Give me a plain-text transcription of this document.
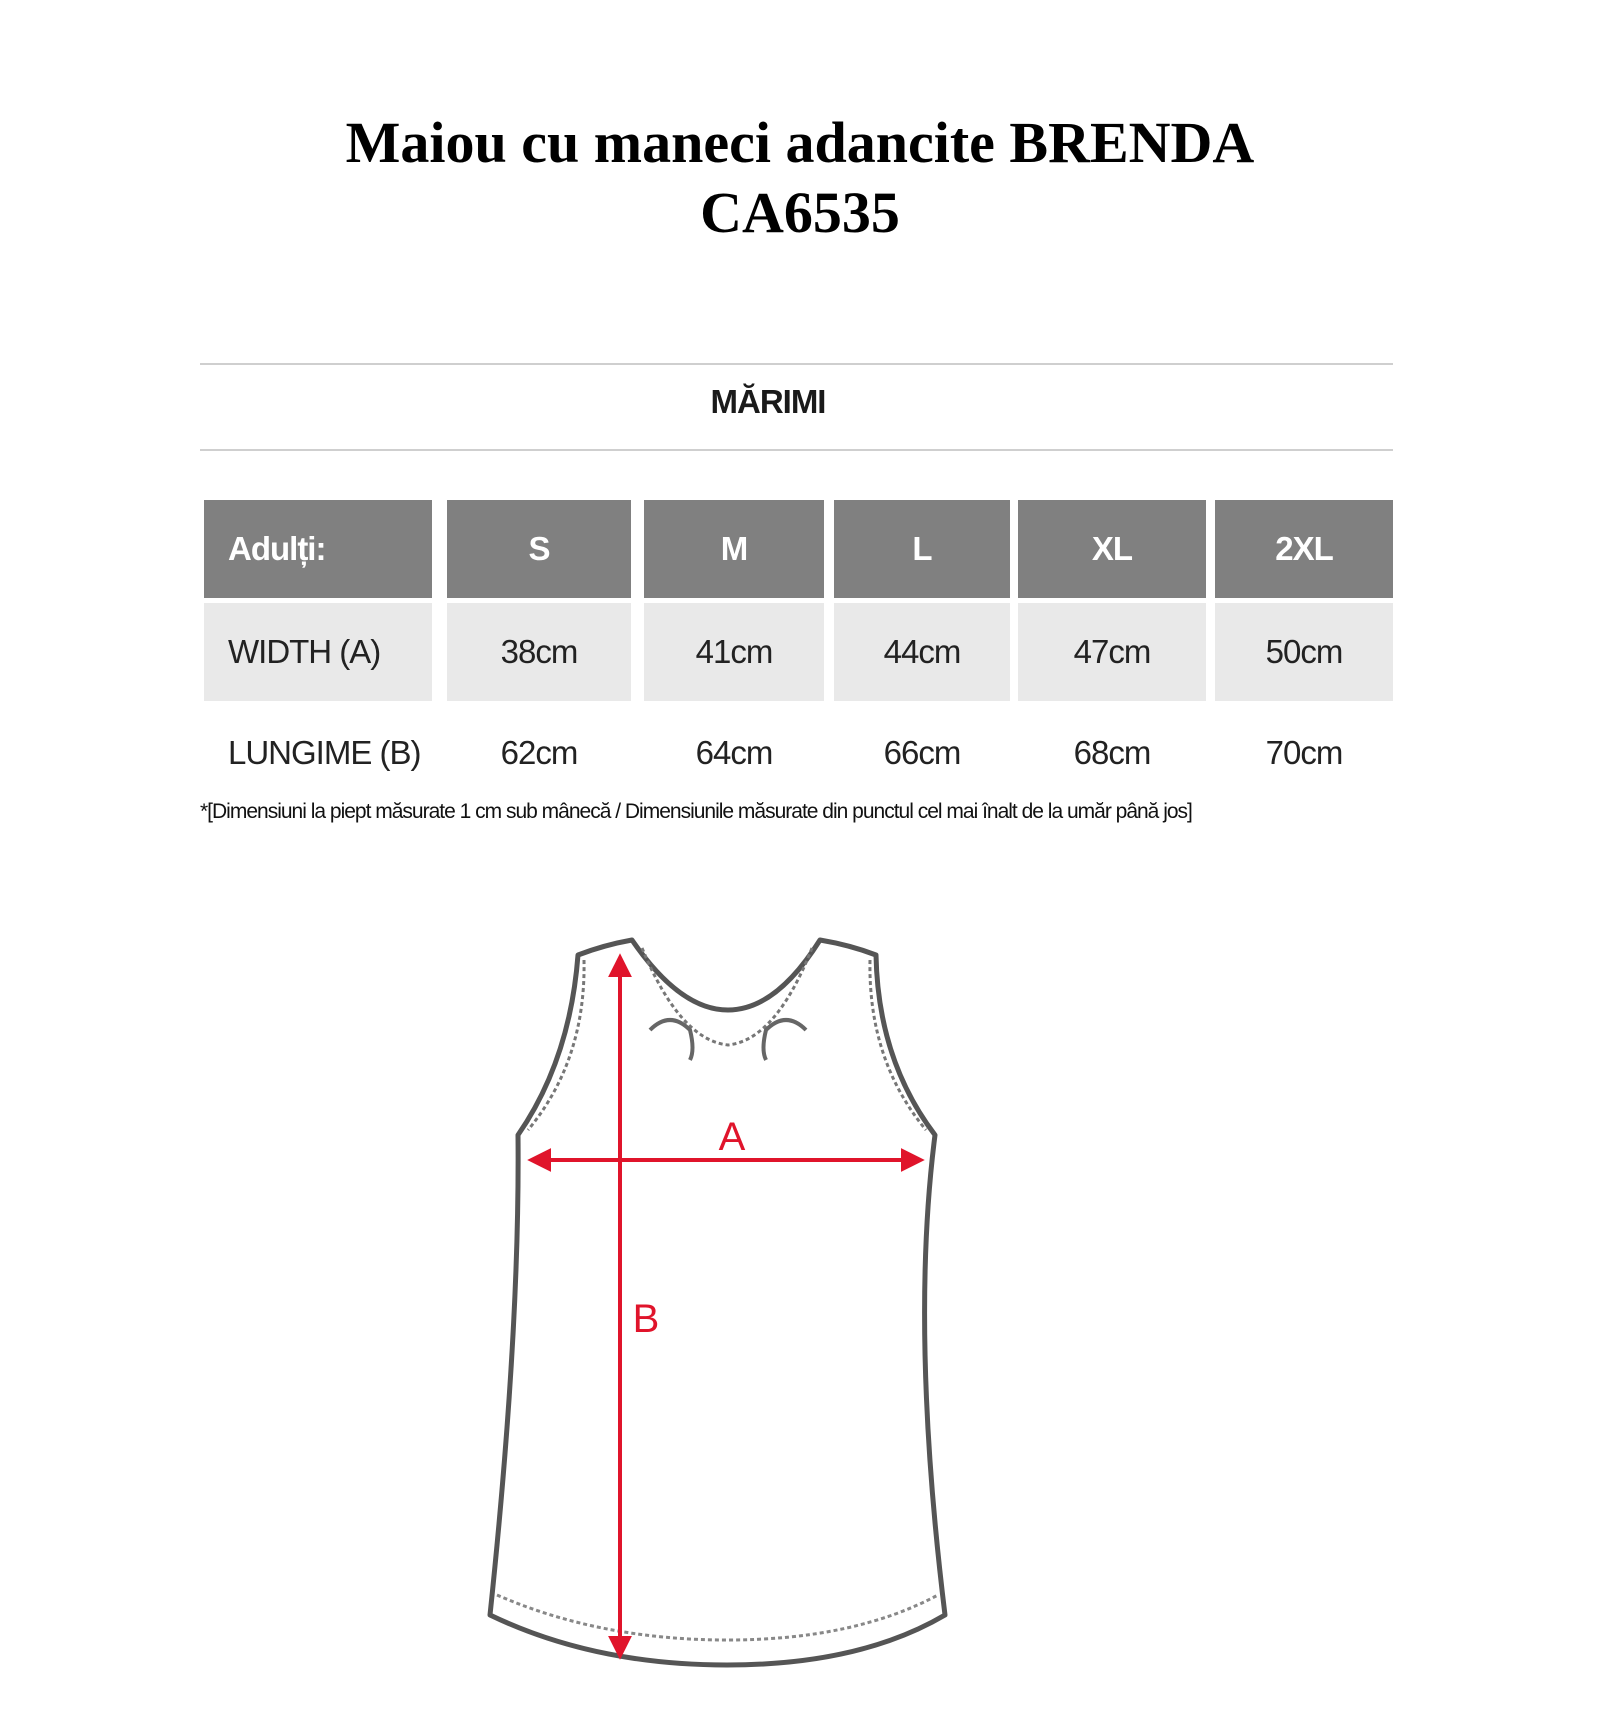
Maiou cu maneci adancite BRENDA
CA6535
MĂRIMI
Adulți:	S	M	L	XL	2XL
WIDTH (A)	38cm	41cm	44cm	47cm	50cm
LUNGIME (B)	62cm	64cm	66cm	68cm	70cm

*[Dimensiuni la piept măsurate 1 cm sub mânecă / Dimensiunile măsurate din punctul cel mai înalt de la umăr până jos]

A
B
